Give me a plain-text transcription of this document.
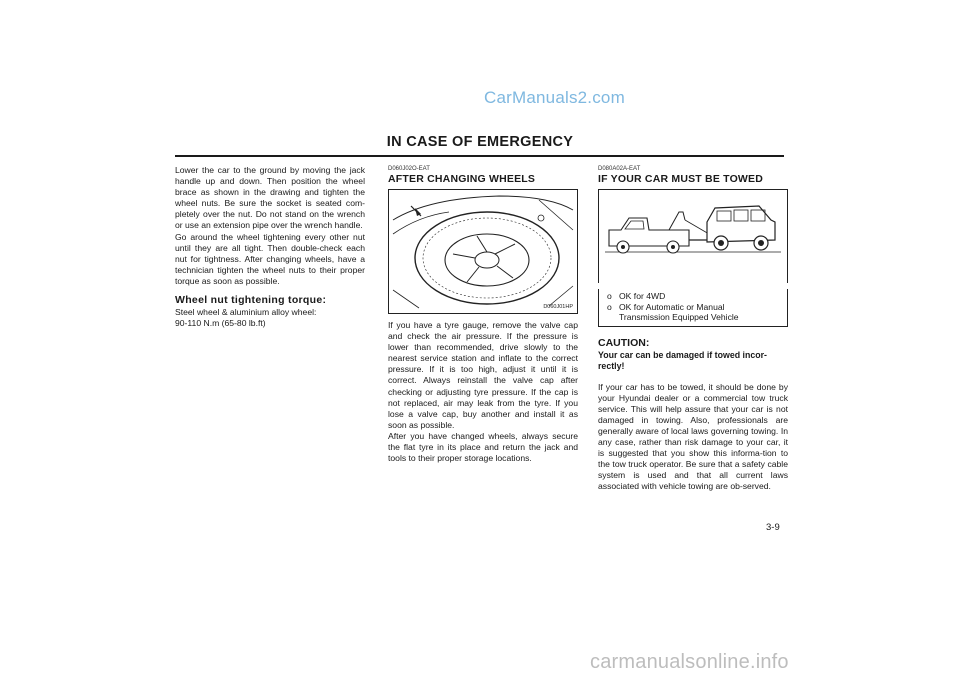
CarManuals2.com
IN CASE OF EMERGENCY

Lower the car to the ground by moving the jack handle up and down. Then position the wheel brace as shown in the drawing and tighten the wheel nuts. Be sure the socket is seated com-pletely over the nut. Do not stand on the wrench or use an extension pipe over the wrench handle.

Go around the wheel tightening every other nut until they are all tight. Then double-check each nut for tightness. After changing wheels, have a technician tighten the wheel nuts to their proper torque as soon as possible.

Wheel nut tightening torque:

Steel wheel & aluminium alloy wheel:

90-110 N.m (65-80 lb.ft)

D060J02O-EAT

AFTER CHANGING WHEELS

D060J01HP

If you have a tyre gauge, remove the valve cap and check the air pressure. If the pressure is lower than recommended, drive slowly to the nearest service station and inflate to the correct pressure. If it is too high, adjust it until it is correct. Always reinstall the valve cap after checking or adjusting tyre pressure. If the cap is not replaced, air may leak from the tyre. If you lose a valve cap, buy another and install it as soon as possible.

After you have changed wheels, always secure the flat tyre in its place and return the jack and tools to their proper storage locations.

D080A02A-EAT

IF YOUR CAR MUST BE TOWED

o OK for 4WD
o OK for Automatic or Manual
Transmission Equipped Vehicle

CAUTION:

Your car can be damaged if towed incor-rectly!

If your car has to be towed, it should be done by your Hyundai dealer or a commercial tow truck service. This will help assure that your car is not damaged in towing. Also, professionals are generally aware of local laws governing towing. In any case, rather than risk damage to your car, it is suggested that you show this informa-tion to the tow truck operator. Be sure that a safety cable system is used and that all current laws associated with vehicle towing are ob-served.

3-9
carmanualsonline.info
